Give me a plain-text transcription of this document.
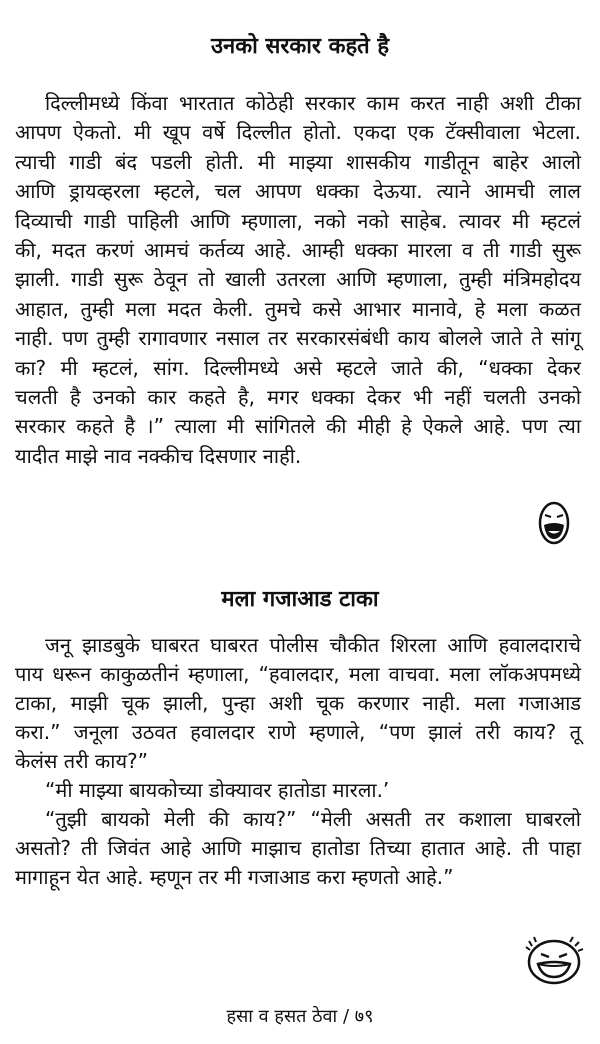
उनको सरकार कहते है
दिल्लीमध्ये किंवा भारतात कोठेही सरकार काम करत नाही अशी टीका
आपण ऐकतो. मी खूप वर्षे दिल्लीत होतो. एकदा एक टॅक्सीवाला भेटला.
त्याची गाडी बंद पडली होती. मी माझ्या शासकीय गाडीतून बाहेर आलो
आणि ड्रायव्हरला म्हटले, चल आपण धक्का देऊया. त्याने आमची लाल
दिव्याची गाडी पाहिली आणि म्हणाला, नको नको साहेब. त्यावर मी म्हटलं
की, मदत करणं आमचं कर्तव्य आहे. आम्ही धक्का मारला व ती गाडी सुरू
झाली. गाडी सुरू ठेवून तो खाली उतरला आणि म्हणाला, तुम्ही मंत्रिमहोदय
आहात, तुम्ही मला मदत केली. तुमचे कसे आभार मानावे, हे मला कळत
नाही. पण तुम्ही रागावणार नसाल तर सरकारसंबंधी काय बोलले जाते ते सांगू
का? मी म्हटलं, सांग. दिल्लीमध्ये असे म्हटले जाते की, “धक्का देकर
चलती है उनको कार कहते है, मगर धक्का देकर भी नहीं चलती उनको
सरकार कहते है ।” त्याला मी सांगितले की मीही हे ऐकले आहे. पण त्या
यादीत माझे नाव नक्कीच दिसणार नाही.
मला गजाआड टाका
जनू झाडबुके घाबरत घाबरत पोलीस चौकीत शिरला आणि हवालदाराचे
पाय धरून काकुळतीनं म्हणाला, “हवालदार, मला वाचवा. मला लॉकअपमध्ये
टाका, माझी चूक झाली, पुन्हा अशी चूक करणार नाही. मला गजाआड
करा.” जनूला उठवत हवालदार राणे म्हणाले, “पण झालं तरी काय? तू
केलंस तरी काय?”
“मी माझ्या बायकोच्या डोक्यावर हातोडा मारला.’
“तुझी बायको मेली की काय?” “मेली असती तर कशाला घाबरलो
असतो? ती जिवंत आहे आणि माझाच हातोडा तिच्या हातात आहे. ती पाहा
मागाहून येत आहे. म्हणून तर मी गजाआड करा म्हणतो आहे.”
हसा व हसत ठेवा / ७९
